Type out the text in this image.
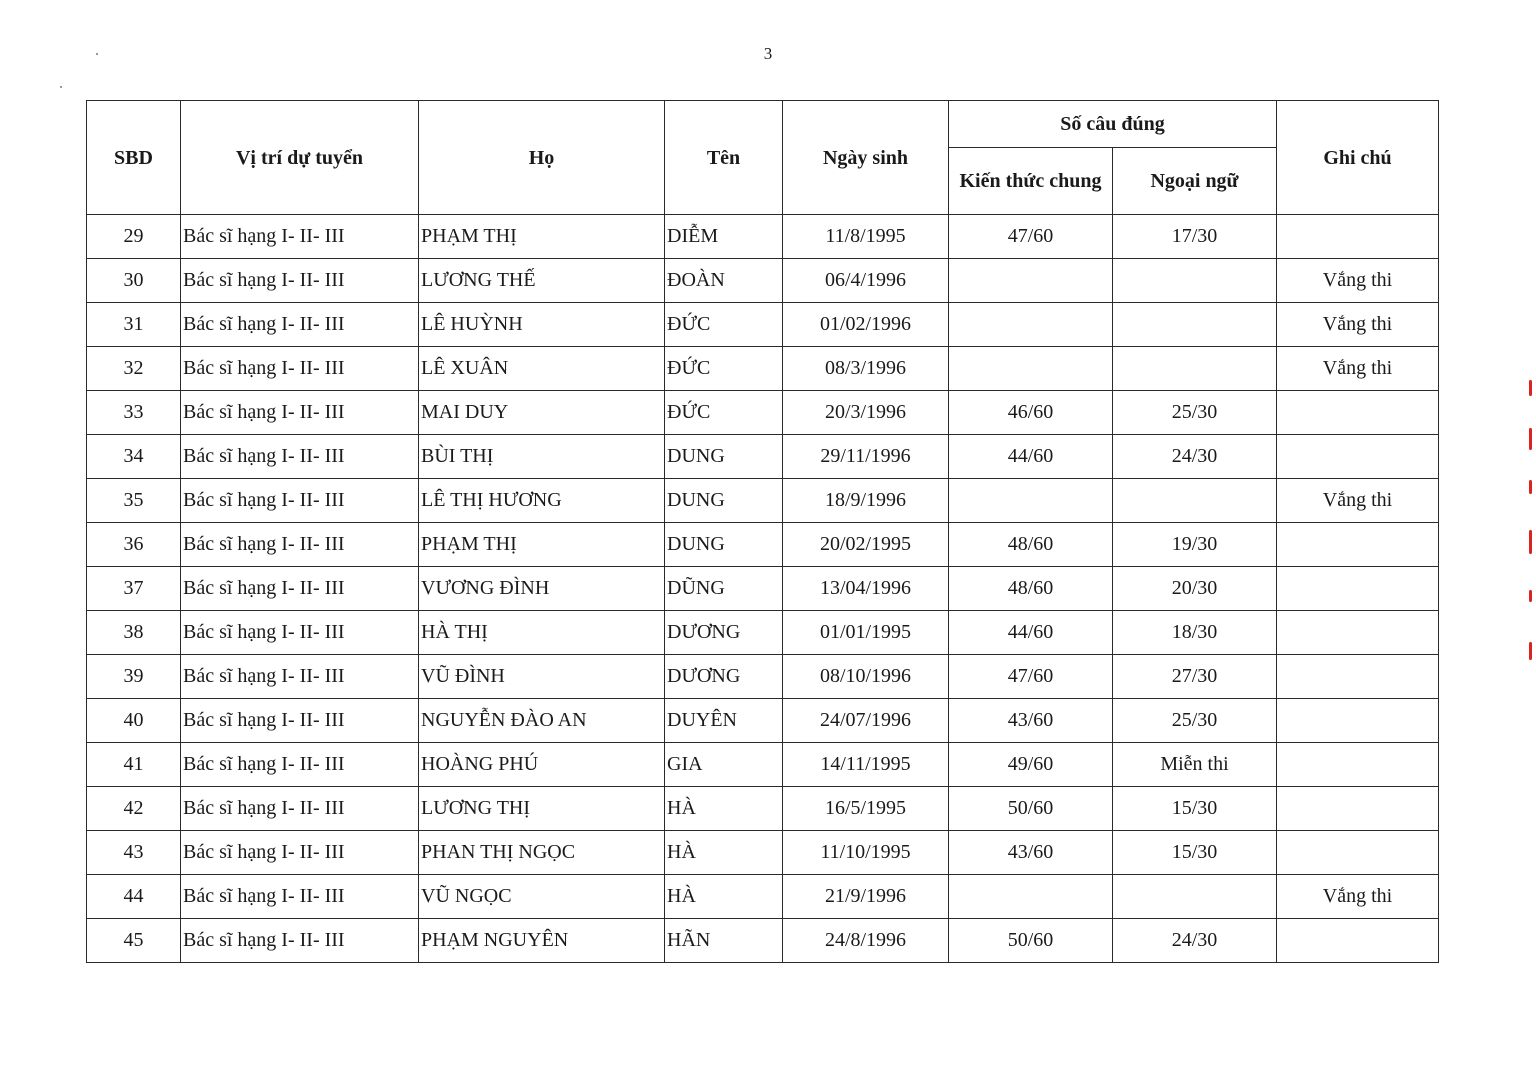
3
SBD	Vị trí dự tuyển	Họ	Tên	Ngày sinh	Số câu đúng		Ghi chú
					Kiến thức chung	Ngoại ngữ	
29	Bác sĩ hạng I- II- III	PHẠM THỊ	DIỄM	11/8/1995	47/60	17/30	
30	Bác sĩ hạng I- II- III	LƯƠNG THẾ	ĐOÀN	06/4/1996			Vắng thi
31	Bác sĩ hạng I- II- III	LÊ HUỲNH	ĐỨC	01/02/1996			Vắng thi
32	Bác sĩ hạng I- II- III	LÊ XUÂN	ĐỨC	08/3/1996			Vắng thi
33	Bác sĩ hạng I- II- III	MAI DUY	ĐỨC	20/3/1996	46/60	25/30	
34	Bác sĩ hạng I- II- III	BÙI THỊ	DUNG	29/11/1996	44/60	24/30	
35	Bác sĩ hạng I- II- III	LÊ THỊ HƯƠNG	DUNG	18/9/1996			Vắng thi
36	Bác sĩ hạng I- II- III	PHẠM THỊ	DUNG	20/02/1995	48/60	19/30	
37	Bác sĩ hạng I- II- III	VƯƠNG ĐÌNH	DŨNG	13/04/1996	48/60	20/30	
38	Bác sĩ hạng I- II- III	HÀ THỊ	DƯƠNG	01/01/1995	44/60	18/30	
39	Bác sĩ hạng I- II- III	VŨ ĐÌNH	DƯƠNG	08/10/1996	47/60	27/30	
40	Bác sĩ hạng I- II- III	NGUYỄN ĐÀO AN	DUYÊN	24/07/1996	43/60	25/30	
41	Bác sĩ hạng I- II- III	HOÀNG PHÚ	GIA	14/11/1995	49/60	Miễn thi	
42	Bác sĩ hạng I- II- III	LƯƠNG THỊ	HÀ	16/5/1995	50/60	15/30	
43	Bác sĩ hạng I- II- III	PHAN THỊ NGỌC	HÀ	11/10/1995	43/60	15/30	
44	Bác sĩ hạng I- II- III	VŨ NGỌC	HÀ	21/9/1996			Vắng thi
45	Bác sĩ hạng I- II- III	PHẠM NGUYÊN	HÃN	24/8/1996	50/60	24/30	
